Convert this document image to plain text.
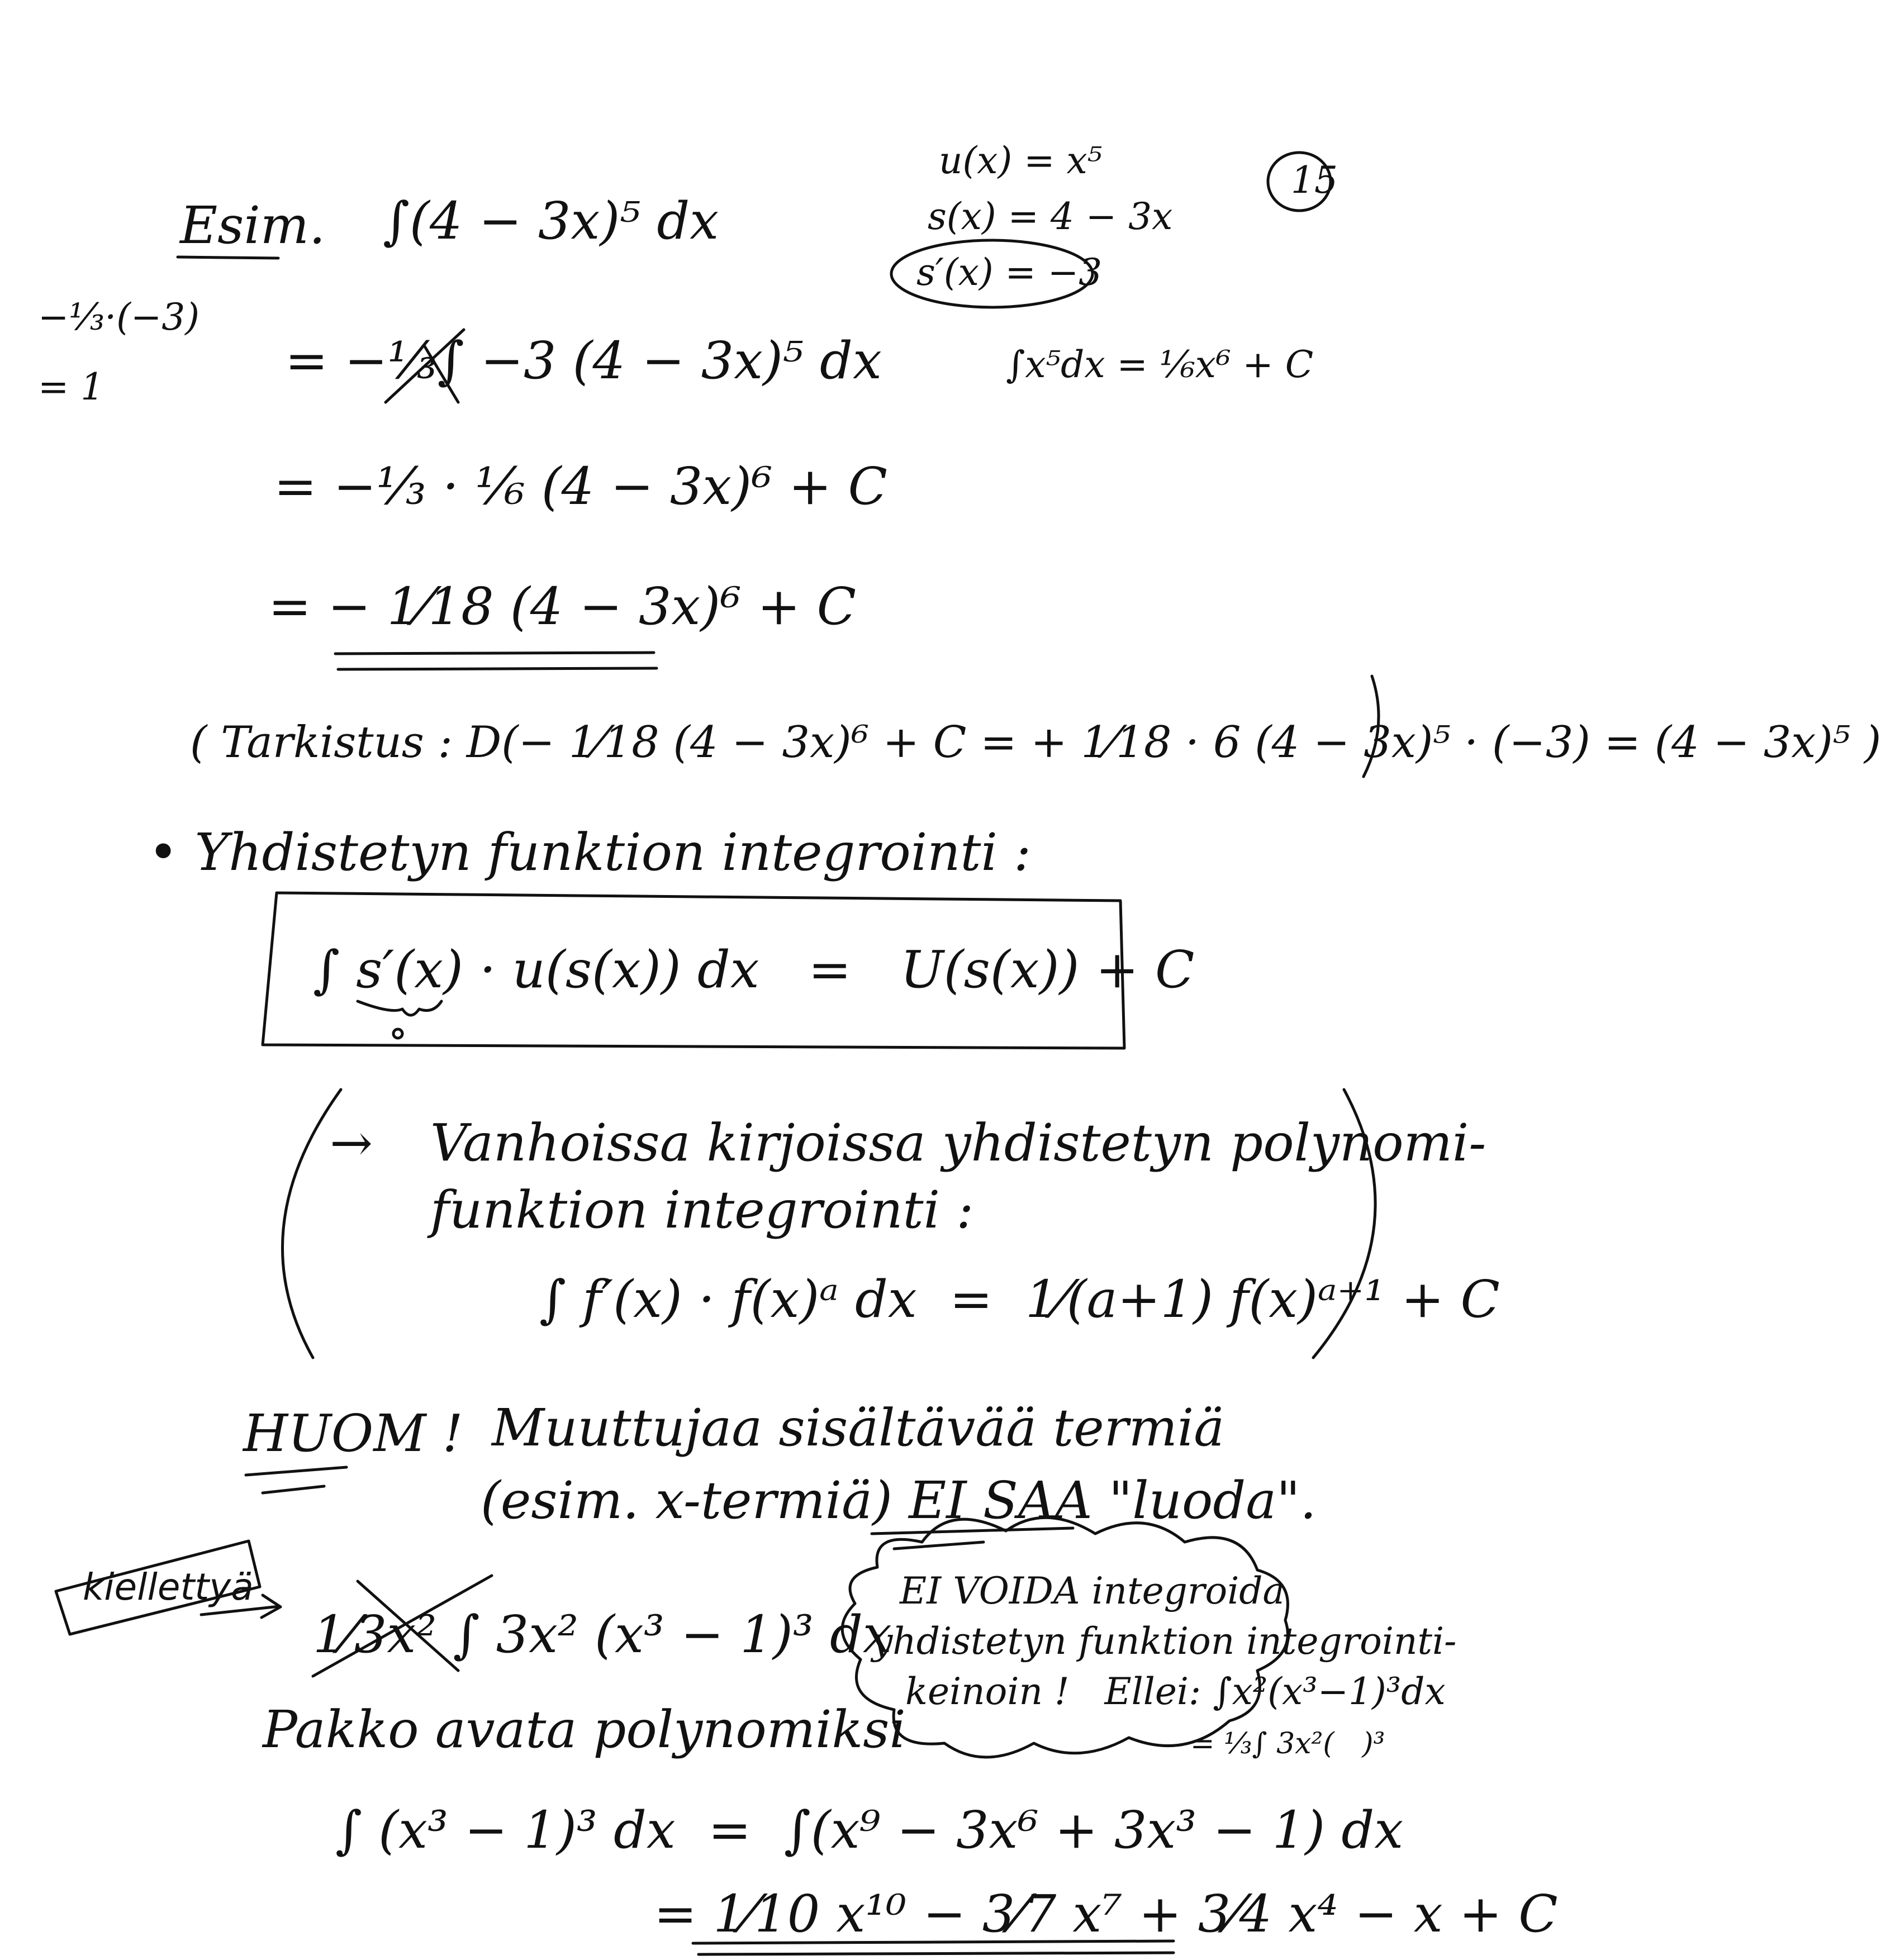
Esim. ∫(4 − 3x)⁵ dx
u(x) = x⁵
s(x) = 4 − 3x
s′(x) = −3
∫x⁵dx = ⅙x⁶ + C
15
−⅓·(−3)
= 1	= −⅓∫ −3 (4 − 3x)⁵ dx
= −⅓ · ⅙ (4 − 3x)⁶ + C
= − 1⁄18 (4 − 3x)⁶ + C
( Tarkistus : D(− 1⁄18 (4 − 3x)⁶ + C = + 1⁄18 · 6 (4 − 3x)⁵ · (−3) = (4 − 3x)⁵ )
• Yhdistetyn funktion integrointi :
∫ s′(x) · u(s(x)) dx   =   U(s(x)) + C
→ Vanhoissa kirjoissa yhdistetyn polynomi-
funktion integrointi :
∫ f′(x) · f(x)ᵃ dx  =  1⁄(a+1) f(x)ᵃ⁺¹ + C
HUOM ! Muuttujaa sisältävää termiä
(esim. x-termiä) EI SAA "luoda".
kiellettyä
1⁄3x² ∫ 3x² (x³ − 1)³ dx
EI VOIDA integroida
yhdistetyn funktion integrointi-
keinoin !   Ellei: ∫x²(x³−1)³dx
= ⅓∫ 3x²(   )³
Pakko avata polynomiksi
∫ (x³ − 1)³ dx  =  ∫(x⁹ − 3x⁶ + 3x³ − 1) dx
= 1⁄10 x¹⁰ − 3⁄7 x⁷ + 3⁄4 x⁴ − x + C
